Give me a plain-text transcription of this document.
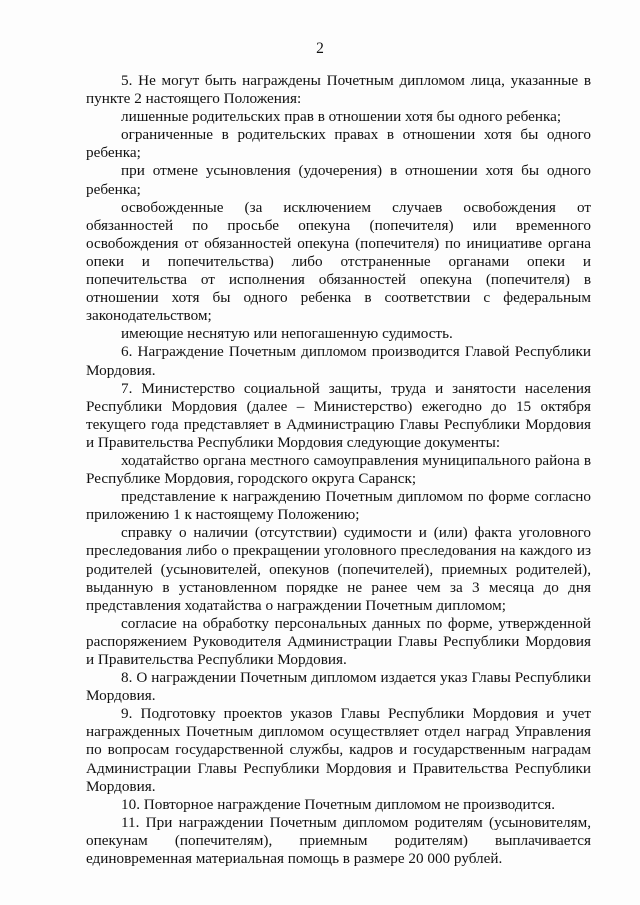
2

5. Не могут быть награждены Почетным дипломом лица, указанные в пункте 2 настоящего Положения:

лишенные родительских прав в отношении хотя бы одного ребенка;

ограниченные в родительских правах в отношении хотя бы одного ребенка;

при отмене усыновления (удочерения) в отношении хотя бы одного ребенка;

освобожденные (за исключением случаев освобождения от обязанностей по просьбе опекуна (попечителя) или временного освобождения от обязанностей опекуна (попечителя) по инициативе органа опеки и попечительства) либо отстраненные органами опеки и попечительства от исполнения обязанностей опекуна (попечителя) в отношении хотя бы одного ребенка в соответствии с федеральным законодательством;

имеющие неснятую или непогашенную судимость.

6. Награждение Почетным дипломом производится Главой Республики Мордовия.

7. Министерство социальной защиты, труда и занятости населения Республики Мордовия (далее – Министерство) ежегодно до 15 октября текущего года представляет в Администрацию Главы Республики Мордовия и Правительства Республики Мордовия следующие документы:

ходатайство органа местного самоуправления муниципального района в Республике Мордовия, городского округа Саранск;

представление к награждению Почетным дипломом по форме согласно приложению 1 к настоящему Положению;

справку о наличии (отсутствии) судимости и (или) факта уголовного преследования либо о прекращении уголовного преследования на каждого из родителей (усыновителей, опекунов (попечителей), приемных родителей), выданную в установленном порядке не ранее чем за 3 месяца до дня представления ходатайства о награждении Почетным дипломом;

согласие на обработку персональных данных по форме, утвержденной распоряжением Руководителя Администрации Главы Республики Мордовия и Правительства Республики Мордовия.

8. О награждении Почетным дипломом издается указ Главы Республики Мордовия.

9. Подготовку проектов указов Главы Республики Мордовия и учет награжденных Почетным дипломом осуществляет отдел наград Управления по вопросам государственной службы, кадров и государственным наградам Администрации Главы Республики Мордовия и Правительства Республики Мордовия.

10. Повторное награждение Почетным дипломом не производится.

11. При награждении Почетным дипломом родителям (усыновителям, опекунам (попечителям), приемным родителям) выплачивается единовременная материальная помощь в размере 20 000 рублей.
